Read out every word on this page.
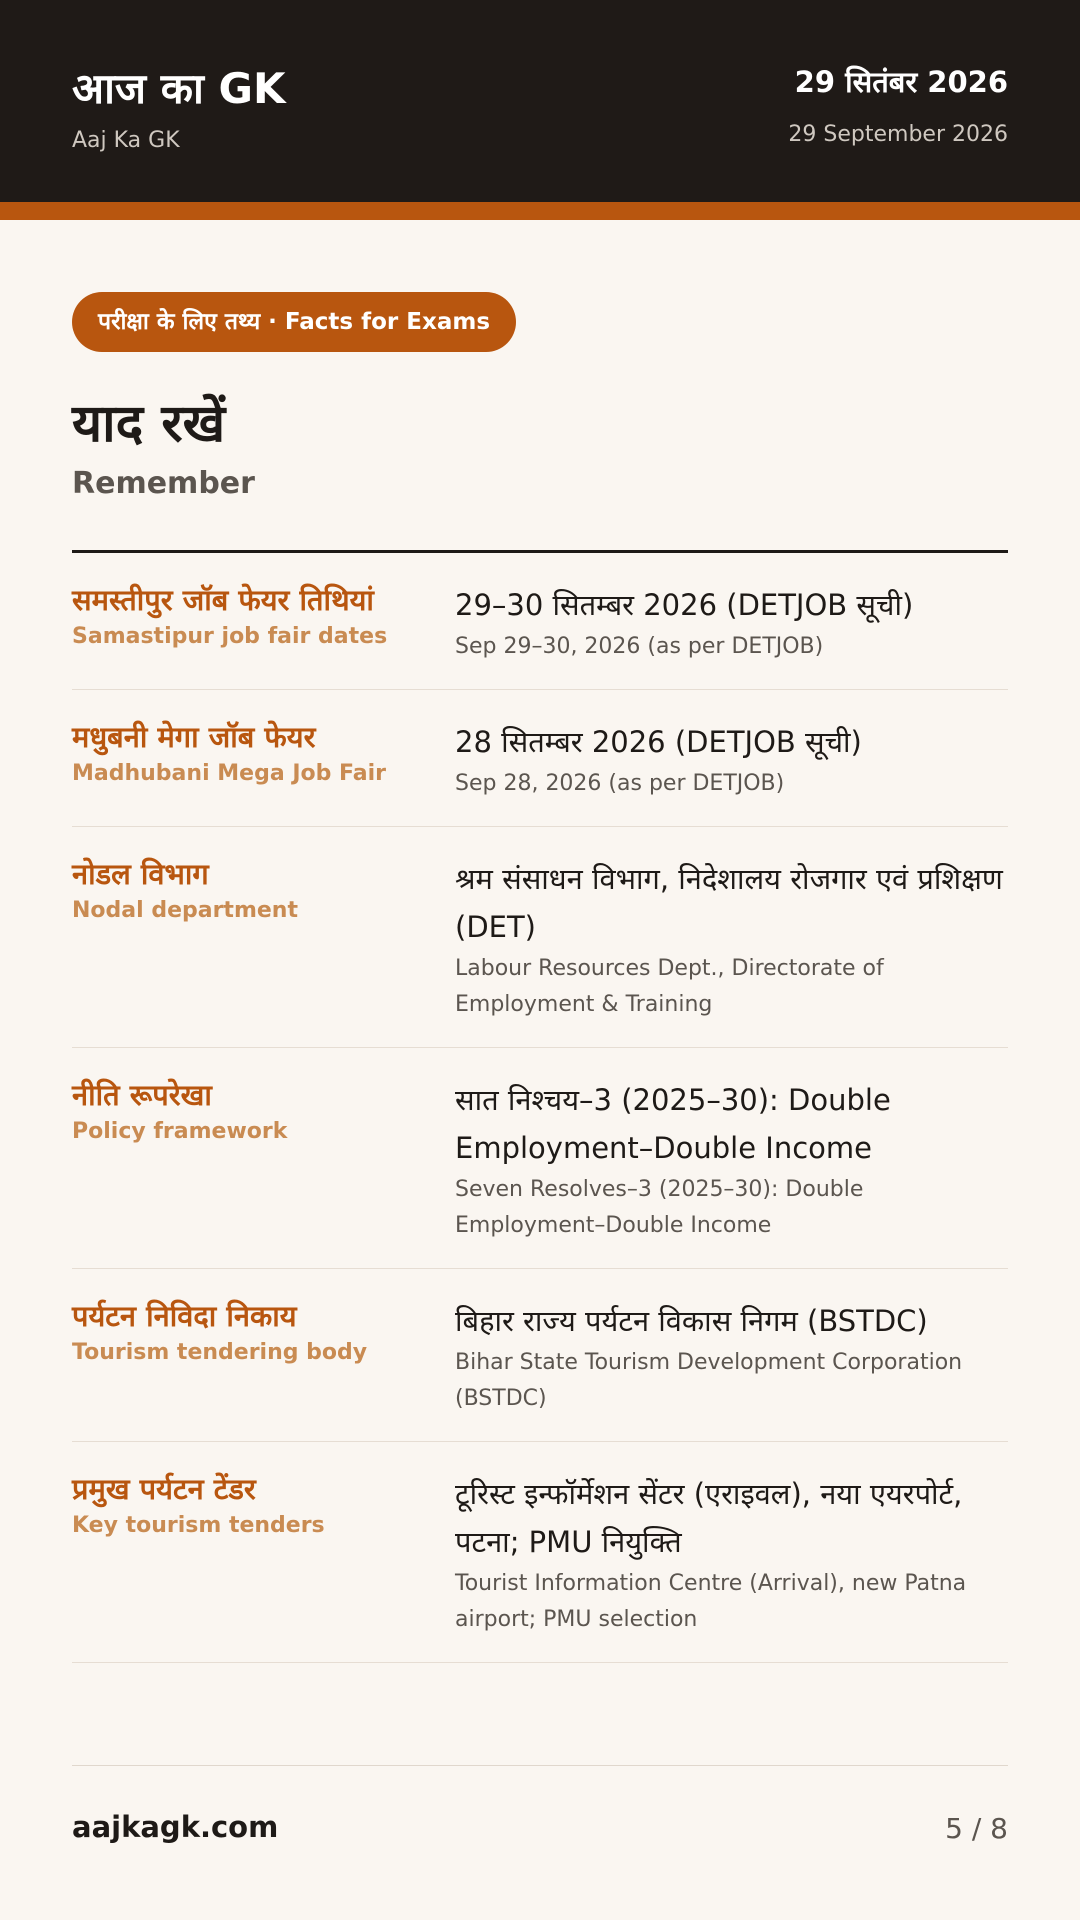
आज का GK
Aaj Ka GK
29 सितंबर 2026
29 September 2026
परीक्षा के लिए तथ्य · Facts for Exams
याद रखें
Remember
समस्तीपुर जॉब फेयर तिथियां
Samastipur job fair dates
29–30 सितम्बर 2026 (DETJOB सूची)
Sep 29–30, 2026 (as per DETJOB)
मधुबनी मेगा जॉब फेयर
Madhubani Mega Job Fair
28 सितम्बर 2026 (DETJOB सूची)
Sep 28, 2026 (as per DETJOB)
नोडल विभाग
Nodal department
श्रम संसाधन विभाग, निदेशालय रोजगार एवं प्रशिक्षण (DET)
Labour Resources Dept., Directorate of Employment & Training
नीति रूपरेखा
Policy framework
सात निश्चय–3 (2025–30): Double Employment–Double Income
Seven Resolves–3 (2025–30): Double Employment–Double Income
पर्यटन निविदा निकाय
Tourism tendering body
बिहार राज्य पर्यटन विकास निगम (BSTDC)
Bihar State Tourism Development Corporation (BSTDC)
प्रमुख पर्यटन टेंडर
Key tourism tenders
टूरिस्ट इन्फॉर्मेशन सेंटर (एराइवल), नया एयरपोर्ट, पटना; PMU नियुक्ति
Tourist Information Centre (Arrival), new Patna airport; PMU selection
aajkagk.com	5 / 8
